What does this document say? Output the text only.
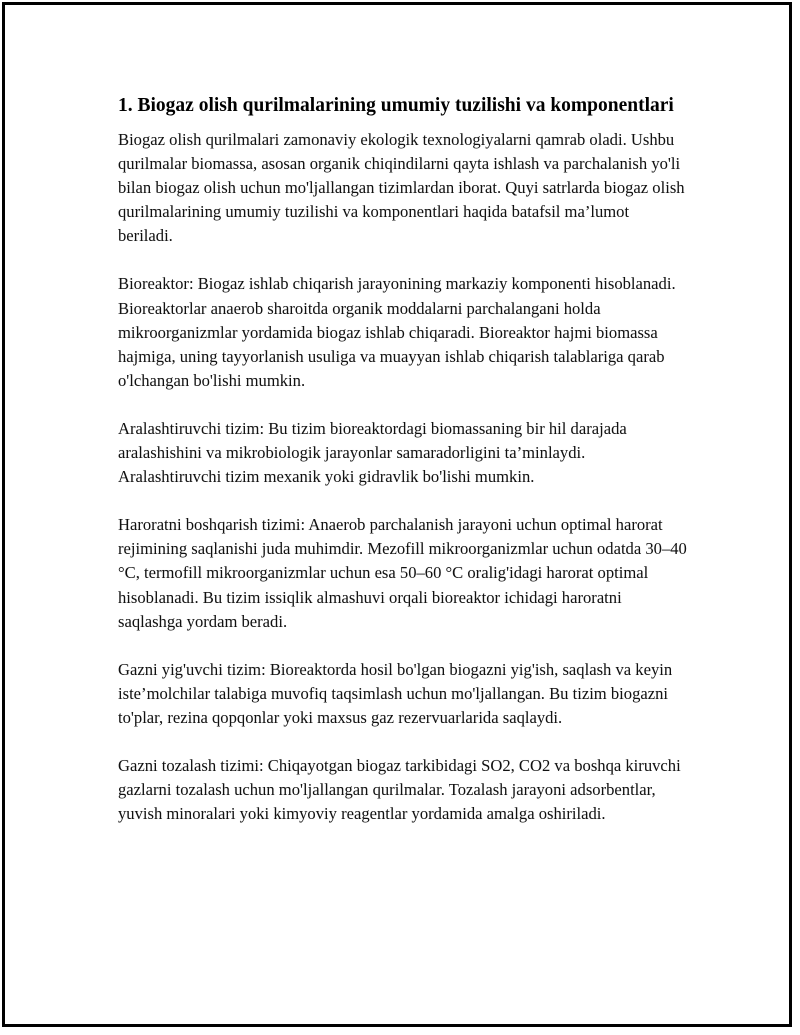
1. Biogaz olish qurilmalarining umumiy tuzilishi va komponentlari

Biogaz olish qurilmalari zamonaviy ekologik texnologiyalarni qamrab oladi. Ushbu qurilmalar biomassa, asosan organik chiqindilarni qayta ishlash va parchalanish yo'li bilan biogaz olish uchun mo'ljallangan tizimlardan iborat. Quyi satrlarda biogaz olish qurilmalarining umumiy tuzilishi va komponentlari haqida batafsil ma’lumot beriladi.

Bioreaktor: Biogaz ishlab chiqarish jarayonining markaziy komponenti hisoblanadi. Bioreaktorlar anaerob sharoitda organik moddalarni parchalangani holda mikroorganizmlar yordamida biogaz ishlab chiqaradi. Bioreaktor hajmi biomassa hajmiga, uning tayyorlanish usuliga va muayyan ishlab chiqarish talablariga qarab o'lchangan bo'lishi mumkin.

Aralashtiruvchi tizim: Bu tizim bioreaktordagi biomassaning bir hil darajada aralashishini va mikrobiologik jarayonlar samaradorligini ta’minlaydi. Aralashtiruvchi tizim mexanik yoki gidravlik bo'lishi mumkin.

Haroratni boshqarish tizimi: Anaerob parchalanish jarayoni uchun optimal harorat rejimining saqlanishi juda muhimdir. Mezofill mikroorganizmlar uchun odatda 30–40 °C, termofill mikroorganizmlar uchun esa 50–60 °C oralig'idagi harorat optimal hisoblanadi. Bu tizim issiqlik almashuvi orqali bioreaktor ichidagi haroratni saqlashga yordam beradi.

Gazni yig'uvchi tizim: Bioreaktorda hosil bo'lgan biogazni yig'ish, saqlash va keyin iste’molchilar talabiga muvofiq taqsimlash uchun mo'ljallangan. Bu tizim biogazni to'plar, rezina qopqonlar yoki maxsus gaz rezervuarlarida saqlaydi.

Gazni tozalash tizimi: Chiqayotgan biogaz tarkibidagi SO2, CO2 va boshqa kiruvchi gazlarni tozalash uchun mo'ljallangan qurilmalar. Tozalash jarayoni adsorbentlar, yuvish minoralari yoki kimyoviy reagentlar yordamida amalga oshiriladi.
